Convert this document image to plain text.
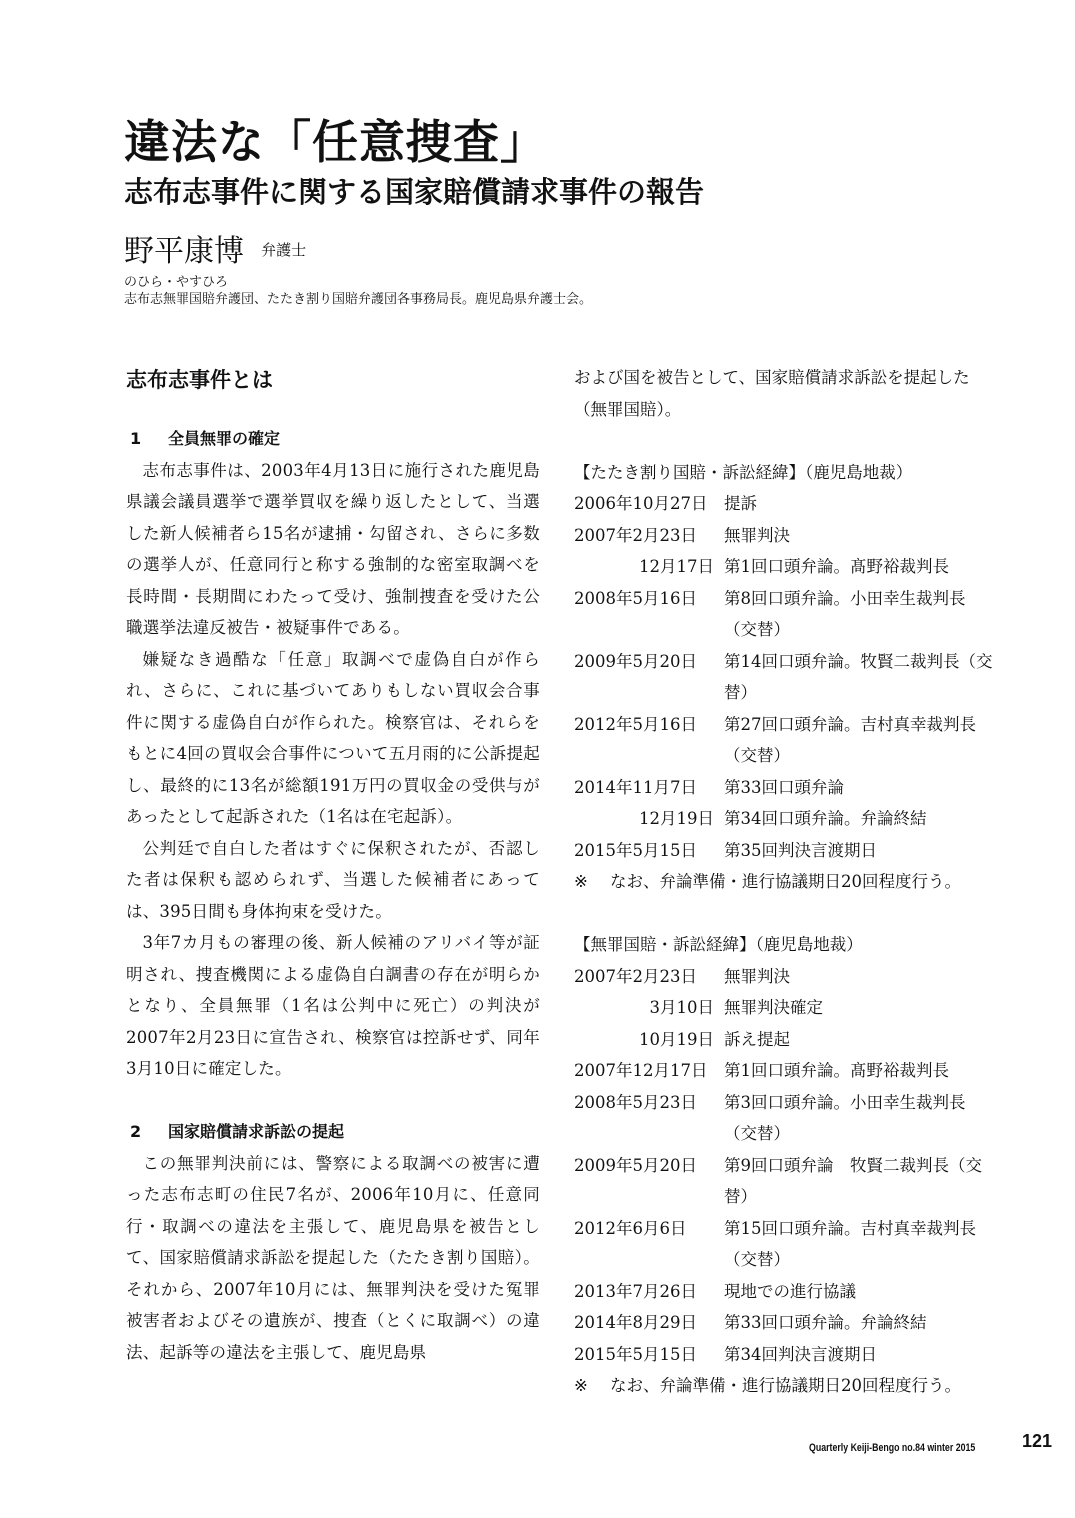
違法な「任意捜査」
志布志事件に関する国家賠償請求事件の報告
野平康博 弁護士
のひら・やすひろ
志布志無罪国賠弁護団、たたき割り国賠弁護団各事務局長。鹿児島県弁護士会。
志布志事件とは
1 全員無罪の確定

志布志事件は、2003年4月13日に施行された鹿児島県議会議員選挙で選挙買収を繰り返したとして、当選した新人候補者ら15名が逮捕・勾留され、さらに多数の選挙人が、任意同行と称する強制的な密室取調べを長時間・長期間にわたって受け、強制捜査を受けた公職選挙法違反被告・被疑事件である。

嫌疑なき過酷な「任意」取調べで虚偽自白が作られ、さらに、これに基づいてありもしない買収会合事件に関する虚偽自白が作られた。検察官は、それらをもとに4回の買収会合事件について五月雨的に公訴提起し、最終的に13名が総額191万円の買収金の受供与があったとして起訴された（1名は在宅起訴）。

公判廷で自白した者はすぐに保釈されたが、否認した者は保釈も認められず、当選した候補者にあっては、395日間も身体拘束を受けた。

3年7カ月もの審理の後、新人候補のアリバイ等が証明され、捜査機関による虚偽自白調書の存在が明らかとなり、全員無罪（1名は公判中に死亡）の判決が2007年2月23日に宣告され、検察官は控訴せず、同年3月10日に確定した。

2 国家賠償請求訴訟の提起

この無罪判決前には、警察による取調べの被害に遭った志布志町の住民7名が、2006年10月に、任意同行・取調べの違法を主張して、鹿児島県を被告として、国家賠償請求訴訟を提起した（たたき割り国賠）。それから、2007年10月には、無罪判決を受けた冤罪被害者およびその遺族が、捜査（とくに取調べ）の違法、起訴等の違法を主張して、鹿児島県

および国を被告として、国家賠償請求訴訟を提起した（無罪国賠）。

【たたき割り国賠・訴訟経緯】（鹿児島地裁）

2006年10月27日	提訴
2007年2月23日	無罪判決
12月17日 第1回口頭弁論。髙野裕裁判長
2008年5月16日	第8回口頭弁論。小田幸生裁判長（交替）
2009年5月20日	第14回口頭弁論。牧賢二裁判長（交替）
2012年5月16日	第27回口頭弁論。吉村真幸裁判長（交替）
2014年11月7日	第33回口頭弁論
12月19日 第34回口頭弁論。弁論終結
2015年5月15日	第35回判決言渡期日

※ なお、弁論準備・進行協議期日20回程度行う。

【無罪国賠・訴訟経緯】（鹿児島地裁）

2007年2月23日	無罪判決
3月10日 無罪判決確定
10月19日 訴え提起
2007年12月17日	第1回口頭弁論。髙野裕裁判長
2008年5月23日	第3回口頭弁論。小田幸生裁判長（交替）
2009年5月20日	第9回口頭弁論　牧賢二裁判長（交替）
2012年6月6日	第15回口頭弁論。吉村真幸裁判長（交替）
2013年7月26日	現地での進行協議
2014年8月29日	第33回口頭弁論。弁論終結
2015年5月15日	第34回判決言渡期日

※ なお、弁論準備・進行協議期日20回程度行う。

Quarterly Keiji-Bengo no.84 winter 2015	121
